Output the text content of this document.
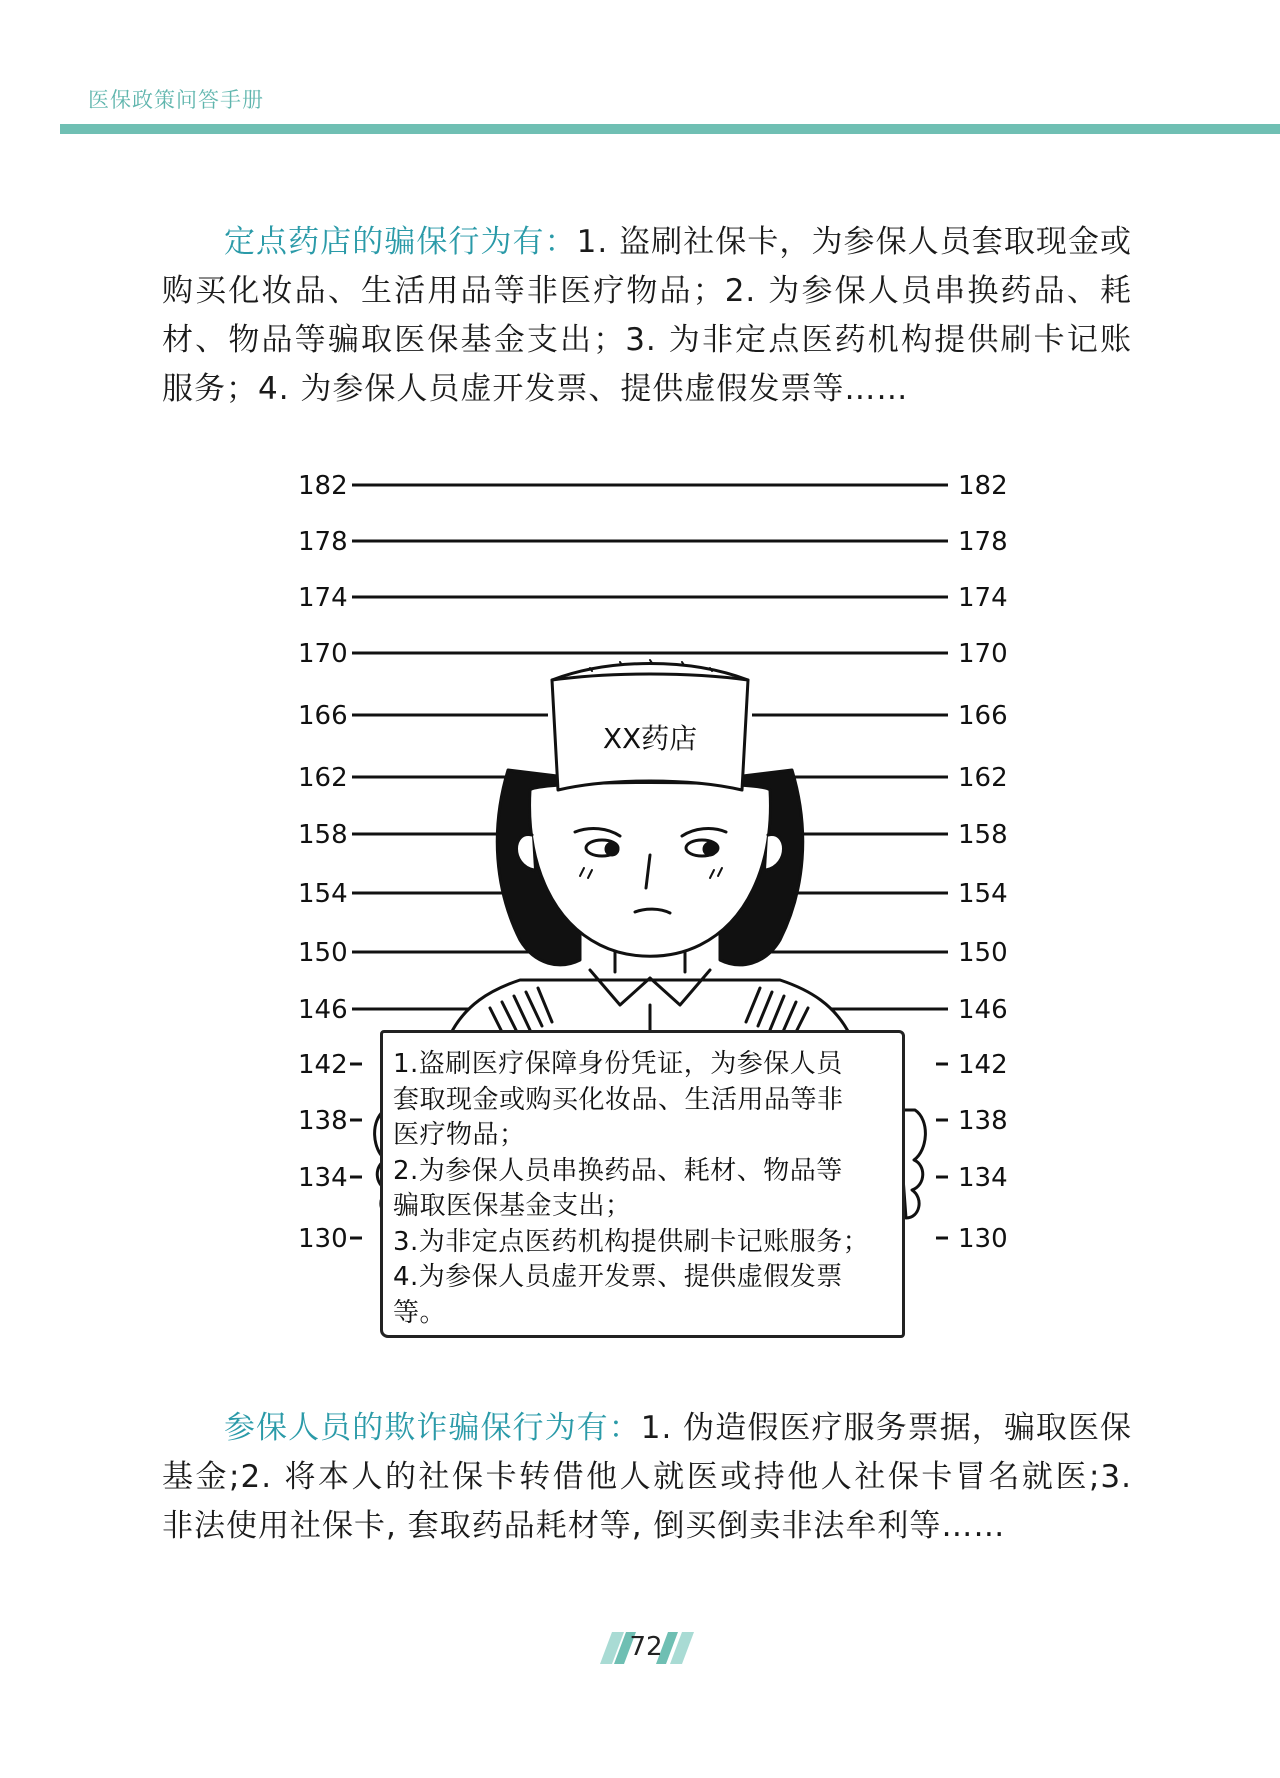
医保政策问答手册

定点药店的骗保行为有：1. 盗刷社保卡，为参保人员套取现金或购买化妆品、生活用品等非医疗物品；2. 为参保人员串换药品、耗材、物品等骗取医保基金支出；3. 为非定点医药机构提供刷卡记账服务；4. 为参保人员虚开发票、提供虚假发票等……

182	182
178	178
174	174
170	170
166	166
162	162
158	158
154	154
150	150
146	146
142	142
138	138
134	134
130	130
XX药店
1.盗刷医疗保障身份凭证，为参保人员
套取现金或购买化妆品、生活用品等非
医疗物品；
2.为参保人员串换药品、耗材、物品等
骗取医保基金支出；
3.为非定点医药机构提供刷卡记账服务；
4.为参保人员虚开发票、提供虚假发票
等。

参保人员的欺诈骗保行为有：1. 伪造假医疗服务票据，骗取医保基金;2. 将本人的社保卡转借他人就医或持他人社保卡冒名就医;3. 非法使用社保卡, 套取药品耗材等, 倒买倒卖非法牟利等……

72
